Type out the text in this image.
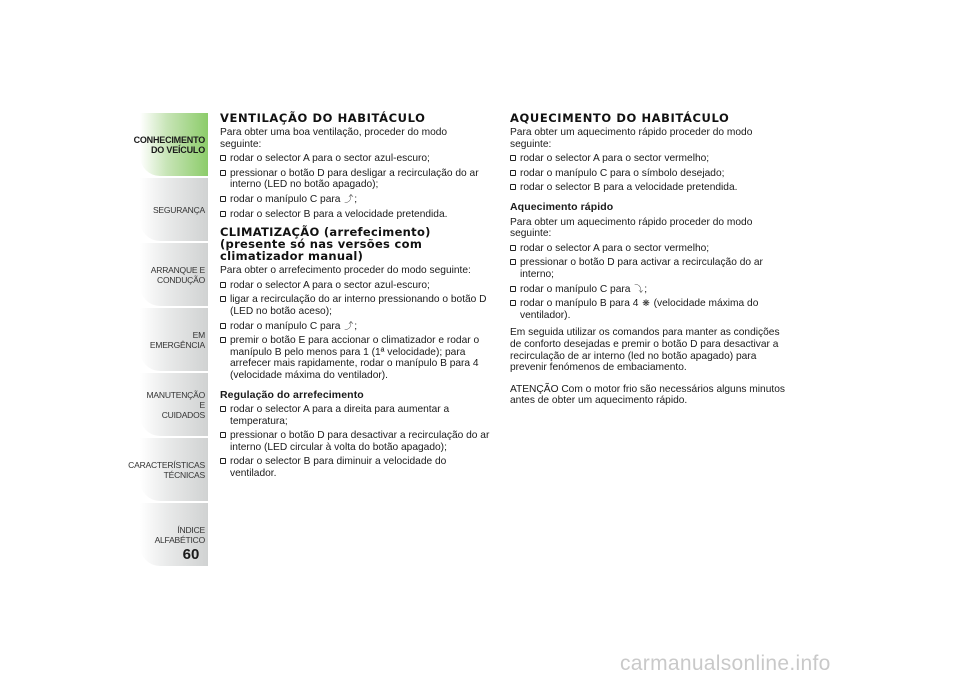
CONHECIMENTO
DO VEÍCULO
SEGURANÇA
ARRANQUE E
CONDUÇÃO
EM EMERGÊNCIA
MANUTENÇÃO E
CUIDADOS
CARACTERÍSTICAS
TÉCNICAS
ÍNDICE ALFABÉTICO
60
VENTILAÇÃO DO HABITÁCULO

Para obter uma boa ventilação, proceder do modo seguinte:

rodar o selector A para o sector azul-escuro;
pressionar o botão D para desligar a recirculação do ar interno (LED no botão apagado);
rodar o manípulo C para ⤴;
rodar o selector B para a velocidade pretendida.
CLIMATIZAÇÃO (arrefecimento) (presente só nas versões com climatizador manual)

Para obter o arrefecimento proceder do modo seguinte:

rodar o selector A para o sector azul-escuro;
ligar a recirculação do ar interno pressionando o botão D (LED no botão aceso);
rodar o manípulo C para ⤴;
premir o botão E para accionar o climatizador e rodar o manípulo B pelo menos para 1 (1ª velocidade); para arrefecer mais rapidamente, rodar o manípulo B para 4 (velocidade máxima do ventilador).
Regulação do arrefecimento
rodar o selector A para a direita para aumentar a temperatura;
pressionar o botão D para desactivar a recirculação do ar interno (LED circular à volta do botão apagado);
rodar o selector B para diminuir a velocidade do ventilador.
AQUECIMENTO DO HABITÁCULO

Para obter um aquecimento rápido proceder do modo seguinte:

rodar o selector A para o sector vermelho;
rodar o manípulo C para o símbolo desejado;
rodar o selector B para a velocidade pretendida.
Aquecimento rápido

Para obter um aquecimento rápido proceder do modo seguinte:

rodar o selector A para o sector vermelho;
pressionar o botão D para activar a recirculação do ar interno;
rodar o manípulo C para ⤵;
rodar o manípulo B para 4 ❋ (velocidade máxima do ventilador).

Em seguida utilizar os comandos para manter as condições de conforto desejadas e premir o botão D para desactivar a recirculação de ar interno (led no botão apagado) para prevenir fenómenos de embaciamento.

ATENÇÃO Com o motor frio são necessários alguns minutos antes de obter um aquecimento rápido.

carmanualsonline.info
